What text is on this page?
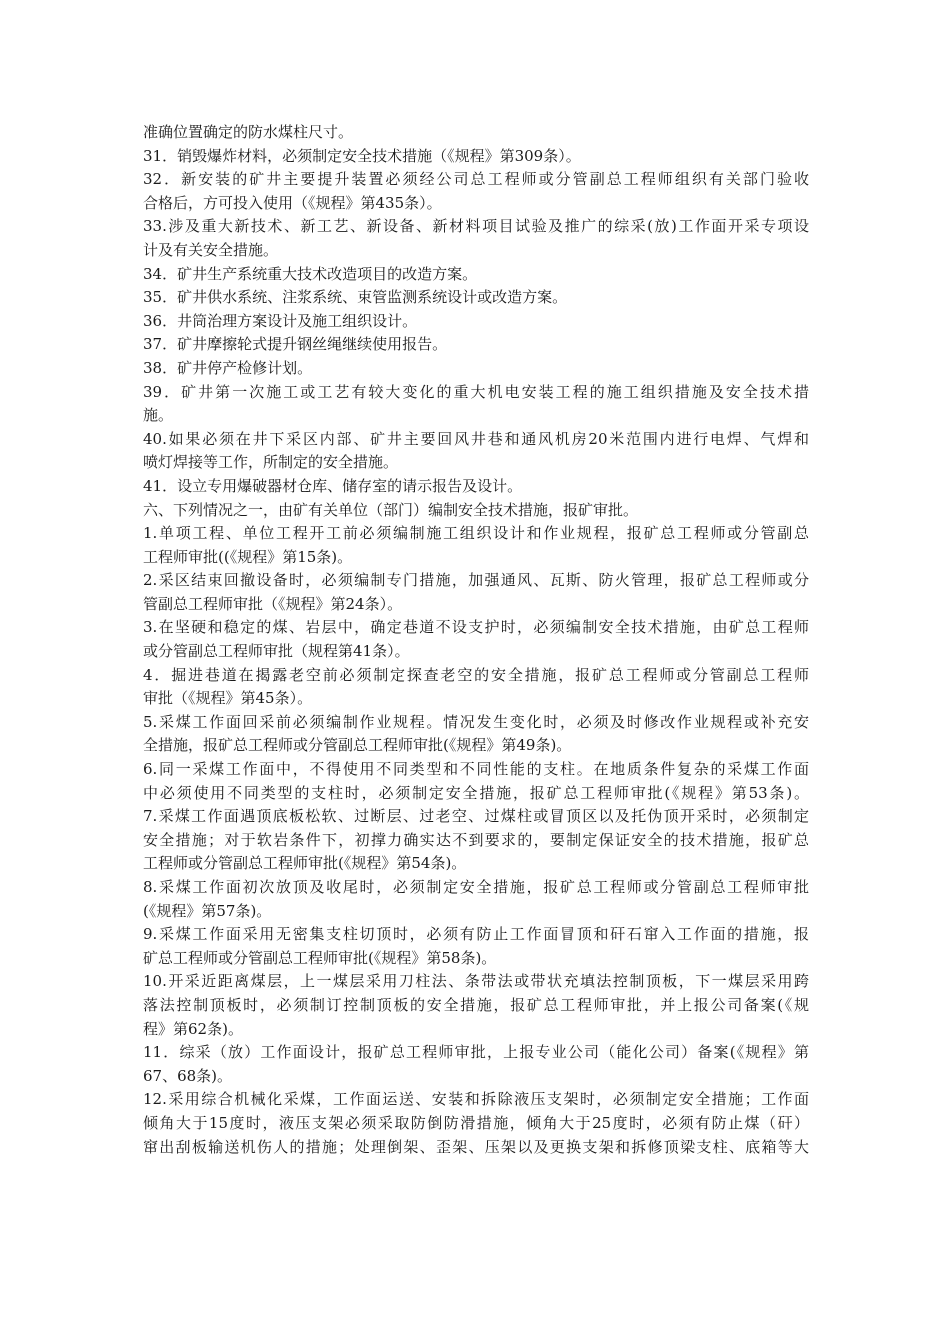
准确位置确定的防水煤柱尺寸。
31．销毁爆炸材料，必须制定安全技术措施（《规程》第309条）。
32．新安装的矿井主要提升装置必须经公司总工程师或分管副总工程师组织有关部门验收
合格后，方可投入使用（《规程》第435条）。
33.涉及重大新技术、新工艺、新设备、新材料项目试验及推广的综采(放)工作面开采专项设
计及有关安全措施。
34．矿井生产系统重大技术改造项目的改造方案。
35．矿井供水系统、注浆系统、束管监测系统设计或改造方案。
36．井筒治理方案设计及施工组织设计。
37．矿井摩擦轮式提升钢丝绳继续使用报告。
38．矿井停产检修计划。
39．矿井第一次施工或工艺有较大变化的重大机电安装工程的施工组织措施及安全技术措
施。
40.如果必须在井下采区内部、矿井主要回风井巷和通风机房20米范围内进行电焊、气焊和
喷灯焊接等工作，所制定的安全措施。
41．设立专用爆破器材仓库、储存室的请示报告及设计。
六、下列情况之一，由矿有关单位（部门）编制安全技术措施，报矿审批。
1.单项工程、单位工程开工前必须编制施工组织设计和作业规程，报矿总工程师或分管副总
工程师审批((《规程》第15条)。
2.采区结束回撤设备时，必须编制专门措施，加强通风、瓦斯、防火管理，报矿总工程师或分
管副总工程师审批（《规程》第24条）。
3.在坚硬和稳定的煤、岩层中，确定巷道不设支护时，必须编制安全技术措施，由矿总工程师
或分管副总工程师审批（规程第41条）。
4．掘进巷道在揭露老空前必须制定探查老空的安全措施，报矿总工程师或分管副总工程师
审批（《规程》第45条）。
5.采煤工作面回采前必须编制作业规程。情况发生变化时，必须及时修改作业规程或补充安
全措施，报矿总工程师或分管副总工程师审批(《规程》第49条)。
6.同一采煤工作面中，不得使用不同类型和不同性能的支柱。在地质条件复杂的采煤工作面
中必须使用不同类型的支柱时，必须制定安全措施，报矿总工程师审批(《规程》第53条)。
7.采煤工作面遇顶底板松软、过断层、过老空、过煤柱或冒顶区以及托伪顶开采时，必须制定
安全措施；对于软岩条件下，初撑力确实达不到要求的，要制定保证安全的技术措施，报矿总
工程师或分管副总工程师审批(《规程》第54条)。
8.采煤工作面初次放顶及收尾时，必须制定安全措施，报矿总工程师或分管副总工程师审批
(《规程》第57条)。
9.采煤工作面采用无密集支柱切顶时，必须有防止工作面冒顶和矸石窜入工作面的措施，报
矿总工程师或分管副总工程师审批(《规程》第58条)。
10.开采近距离煤层，上一煤层采用刀柱法、条带法或带状充填法控制顶板，下一煤层采用跨
落法控制顶板时，必须制订控制顶板的安全措施，报矿总工程师审批，并上报公司备案(《规
程》第62条)。
11．综采（放）工作面设计，报矿总工程师审批，上报专业公司（能化公司）备案(《规程》第
67、68条)。
12.采用综合机械化采煤，工作面运送、安装和拆除液压支架时，必须制定安全措施；工作面
倾角大于15度时，液压支架必须采取防倒防滑措施，倾角大于25度时，必须有防止煤（矸）
窜出刮板输送机伤人的措施；处理倒架、歪架、压架以及更换支架和拆修顶梁支柱、底箱等大
